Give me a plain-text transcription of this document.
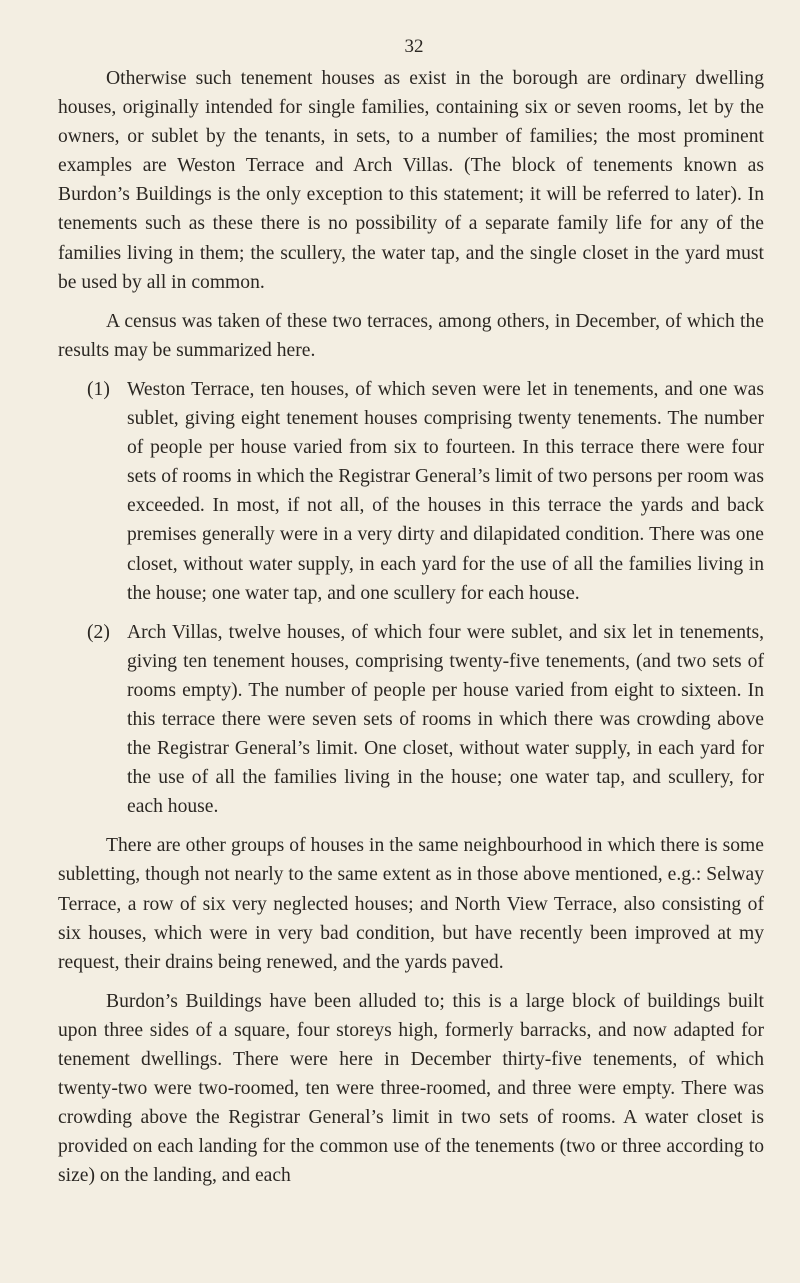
32

Otherwise such tenement houses as exist in the borough are ordinary dwelling houses, originally intended for single families, containing six or seven rooms, let by the owners, or sublet by the tenants, in sets, to a number of families; the most prominent examples are Weston Terrace and Arch Villas. (The block of tenements known as Burdon’s Buildings is the only exception to this statement; it will be referred to later). In tenements such as these there is no possibility of a separate family life for any of the families living in them; the scullery, the water tap, and the single closet in the yard must be used by all in common.

A census was taken of these two terraces, among others, in December, of which the results may be summarized here.

(1) Weston Terrace, ten houses, of which seven were let in tenements, and one was sublet, giving eight tenement houses comprising twenty tenements. The number of people per house varied from six to fourteen. In this terrace there were four sets of rooms in which the Registrar General’s limit of two persons per room was exceeded. In most, if not all, of the houses in this terrace the yards and back premises generally were in a very dirty and dilapidated condition. There was one closet, without water supply, in each yard for the use of all the families living in the house; one water tap, and one scullery for each house.
(2) Arch Villas, twelve houses, of which four were sublet, and six let in tenements, giving ten tenement houses, comprising twenty-five tenements, (and two sets of rooms empty). The number of people per house varied from eight to sixteen. In this terrace there were seven sets of rooms in which there was crowding above the Registrar General’s limit. One closet, without water supply, in each yard for the use of all the families living in the house; one water tap, and scullery, for each house.

There are other groups of houses in the same neighbourhood in which there is some subletting, though not nearly to the same extent as in those above mentioned, e.g.: Selway Terrace, a row of six very neglected houses; and North View Terrace, also consisting of six houses, which were in very bad condition, but have recently been improved at my request, their drains being renewed, and the yards paved.

Burdon’s Buildings have been alluded to; this is a large block of buildings built upon three sides of a square, four storeys high, formerly barracks, and now adapted for tenement dwellings. There were here in December thirty-five tenements, of which twenty-two were two-roomed, ten were three-roomed, and three were empty. There was crowding above the Registrar General’s limit in two sets of rooms. A water closet is provided on each landing for the common use of the tenements (two or three according to size) on the landing, and each
